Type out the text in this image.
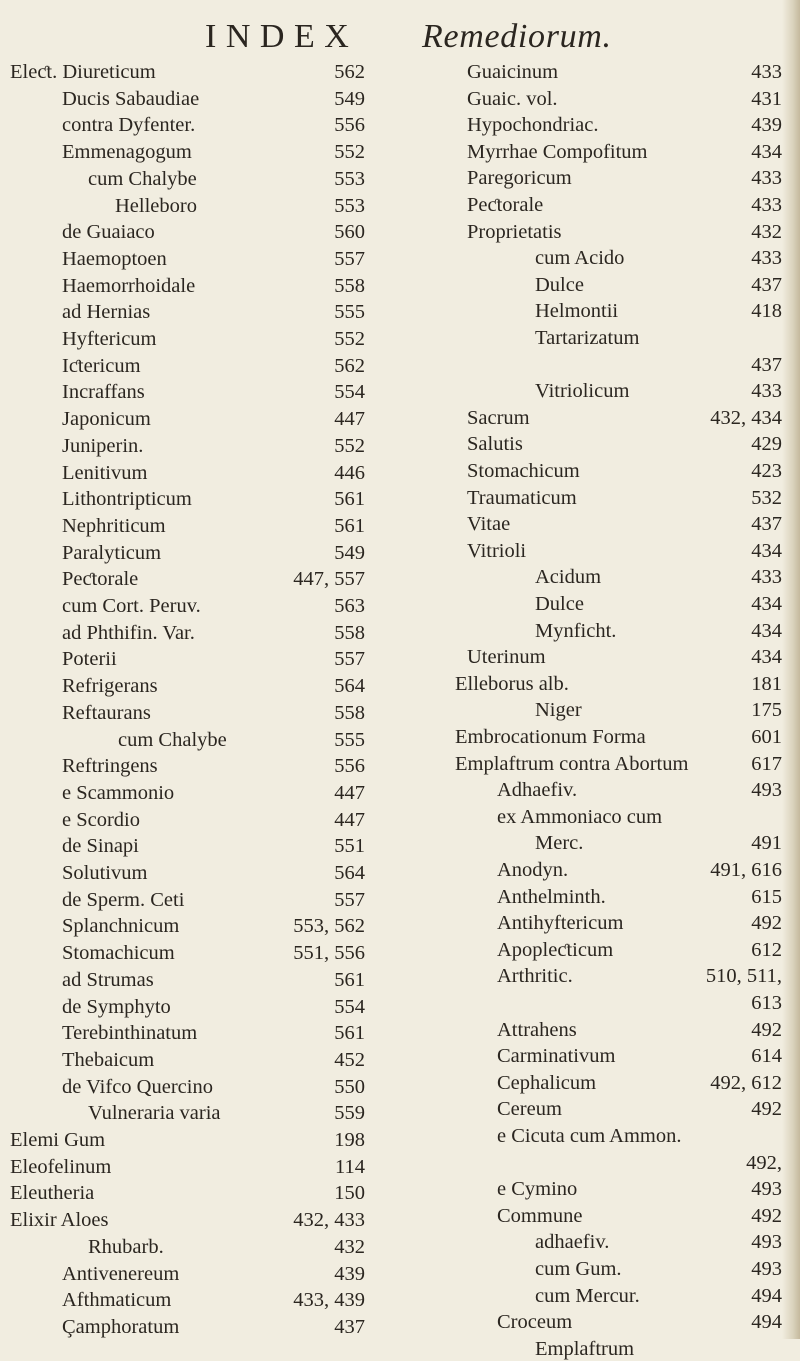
INDEX Remediorum.
Eleƈt. Diureticum	562
Ducis Sabaudiae	549
contra Dyfenter.	556
Emmenagogum	552
cum Chalybe	553
Helleboro	553
de Guaiaco	560
Haemoptoen	557
Haemorrhoidale	558
ad Hernias	555
Hyftericum	552
Iƈtericum	562
Incraffans	554
Japonicum	447
Juniperin.	552
Lenitivum	446
Lithontripticum	561
Nephriticum	561
Paralyticum	549
Peƈtorale	447, 557
cum Cort. Peruv.	563
ad Phthifin. Var.	558
Poterii	557
Refrigerans	564
Reftaurans	558
cum Chalybe	555
Reftringens	556
e Scammonio	447
e Scordio	447
de Sinapi	551
Solutivum	564
de Sperm. Ceti	557
Splanchnicum	553, 562
Stomachicum	551, 556
ad Strumas	561
de Symphyto	554
Terebinthinatum	561
Thebaicum	452
de Vifco Quercino	550
Vulneraria varia	559
Elemi Gum	198
Eleofelinum	114
Eleutheria	150
Elixir Aloes	432, 433
Rhubarb.	432
Antivenereum	439
Afthmaticum	433, 439
Çamphoratum	437
Guaicinum	433
Guaic. vol.	431
Hypochondriac.	439
Myrrhae Compofitum	434
Paregoricum	433
Peƈtorale	433
Proprietatis	432
cum Acido	433
Dulce	437
Helmontii	418
Tartarizatum
437
Vitriolicum	433
Sacrum	432, 434
Salutis	429
Stomachicum	423
Traumaticum	532
Vitae	437
Vitrioli	434
Acidum	433
Dulce	434
Mynficht.	434
Uterinum	434
Elleborus alb.	181
Niger	175
Embrocationum Forma	601
Emplaftrum contra Abortum	617
Adhaefiv.	493
ex Ammoniaco cum
Merc.	491
Anodyn.	491, 616
Anthelminth.	615
Antihyftericum	492
Apopleƈticum	612
Arthritic.	510, 511,
613
Attrahens	492
Carminativum	614
Cephalicum	492, 612
Cereum	492
e Cicuta cum Ammon.
492,
e Cymino	493
Commune	492
adhaefiv.	493
cum Gum.	493
cum Mercur.	494
Croceum	494
Emplaftrum
